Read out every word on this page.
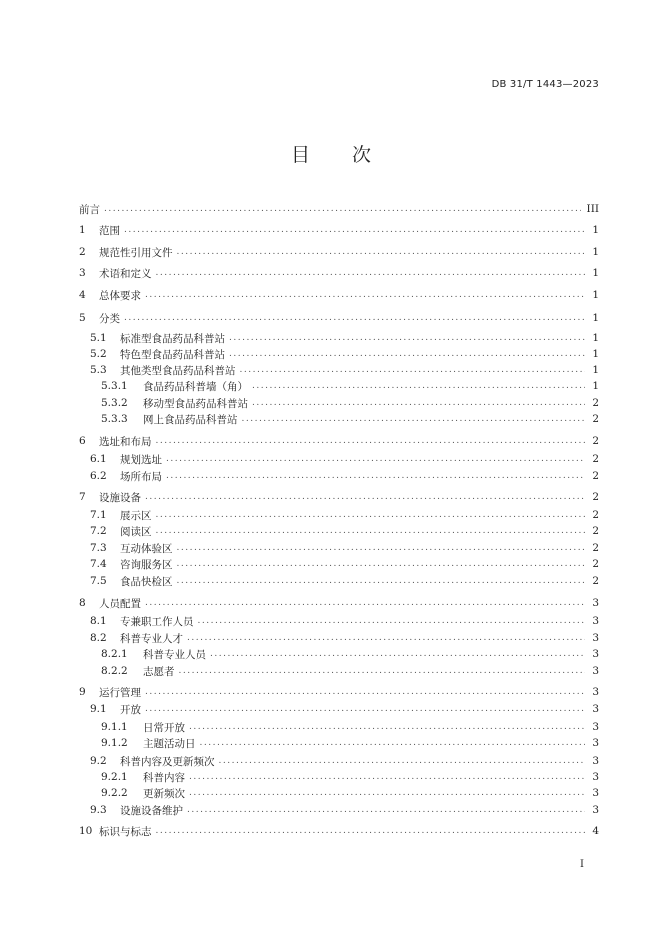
DB 31/T 1443—2023
目 次
前言 .....	III
1	范围 .....	1
2	规范性引用文件 .....	1
3	术语和定义 .....	1
4	总体要求 .....	1
5	分类 .....	1
5.1	标准型食品药品科普站 .....	1
5.2	特色型食品药品科普站 .....	1
5.3	其他类型食品药品科普站 .....	1
5.3.1	食品药品科普墙（角） .....	1
5.3.2	移动型食品药品科普站 .....	2
5.3.3	网上食品药品科普站 .....	2
6	选址和布局 .....	2
6.1	规划选址 .....	2
6.2	场所布局 .....	2
7	设施设备 .....	2
7.1	展示区 .....	2
7.2	阅读区 .....	2
7.3	互动体验区 .....	2
7.4	咨询服务区 .....	2
7.5	食品快检区 .....	2
8	人员配置 .....	3
8.1	专兼职工作人员 .....	3
8.2	科普专业人才 .....	3
8.2.1	科普专业人员 .....	3
8.2.2	志愿者 .....	3
9	运行管理 .....	3
9.1	开放 .....	3
9.1.1	日常开放 .....	3
9.1.2	主题活动日 .....	3
9.2	科普内容及更新频次 .....	3
9.2.1	科普内容 .....	3
9.2.2	更新频次 .....	3
9.3	设施设备维护 .....	3
10 标识与标志 .....	4
I
